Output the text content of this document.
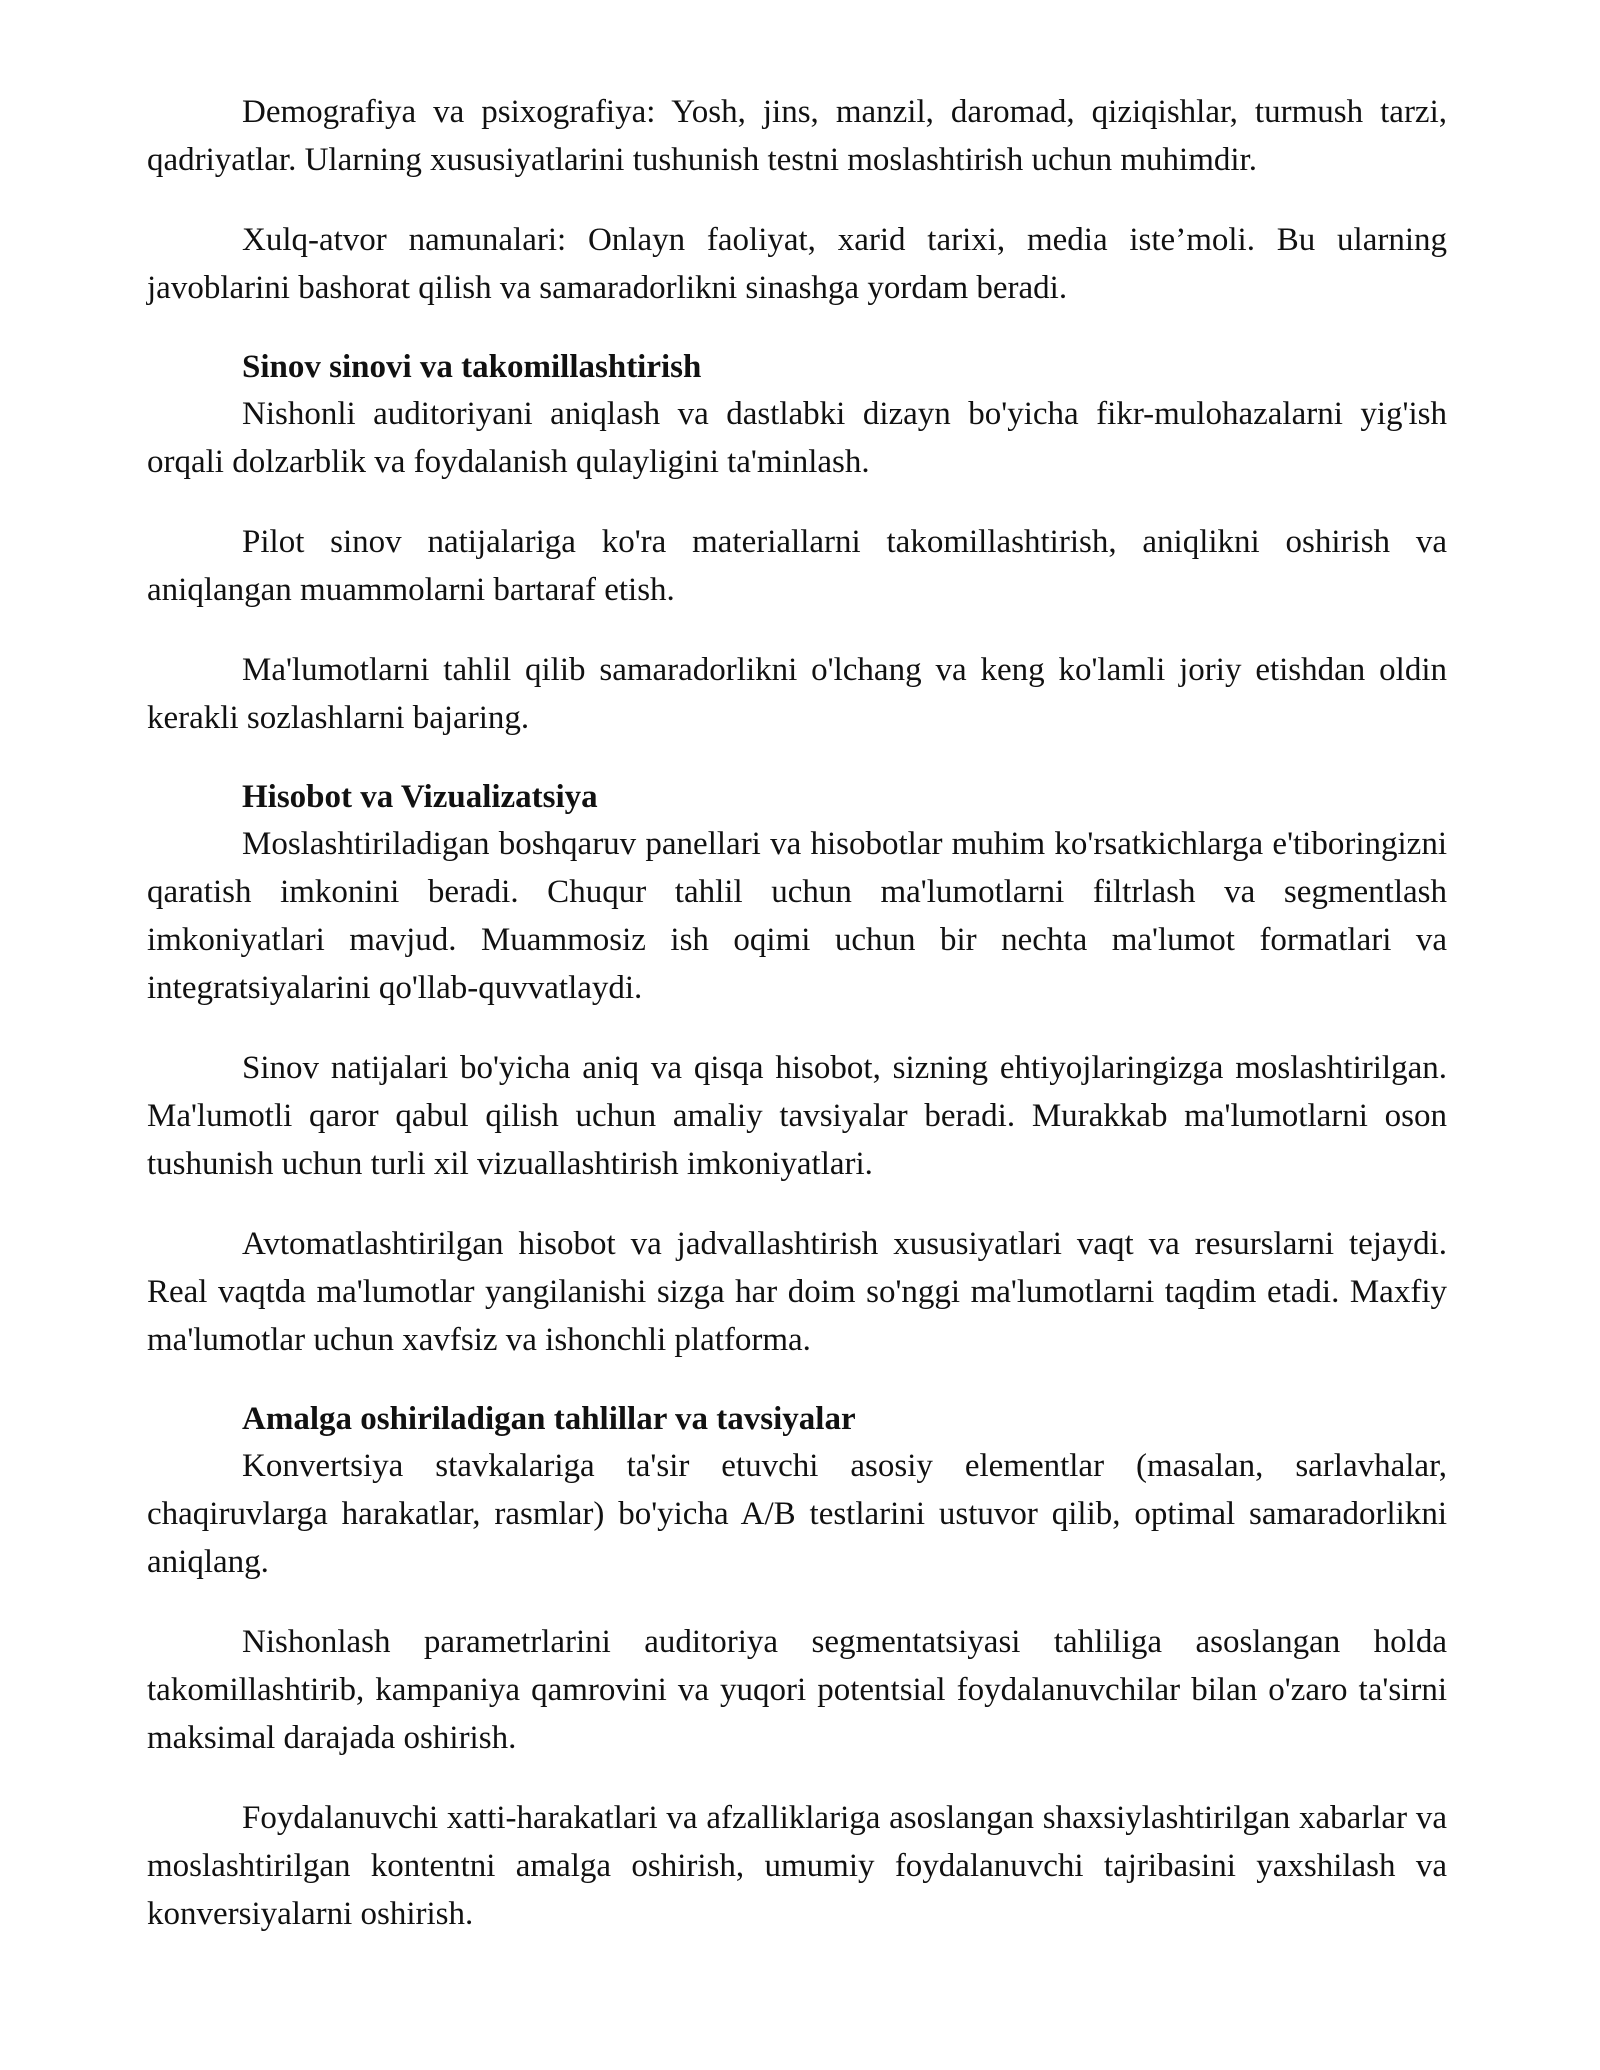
Demografiya va psixografiya: Yosh, jins, manzil, daromad, qiziqishlar, turmush tarzi, qadriyatlar. Ularning xususiyatlarini tushunish testni moslashtirish uchun muhimdir.

Xulq-atvor namunalari: Onlayn faoliyat, xarid tarixi, media iste’moli. Bu ularning javoblarini bashorat qilish va samaradorlikni sinashga yordam beradi.

Sinov sinovi va takomillashtirish

Nishonli auditoriyani aniqlash va dastlabki dizayn bo'yicha fikr-mulohazalarni yig'ish orqali dolzarblik va foydalanish qulayligini ta'minlash.

Pilot sinov natijalariga ko'ra materiallarni takomillashtirish, aniqlikni oshirish va aniqlangan muammolarni bartaraf etish.

Ma'lumotlarni tahlil qilib samaradorlikni o'lchang va keng ko'lamli joriy etishdan oldin kerakli sozlashlarni bajaring.

Hisobot va Vizualizatsiya

Moslashtiriladigan boshqaruv panellari va hisobotlar muhim ko'rsatkichlarga e'tiboringizni qaratish imkonini beradi. Chuqur tahlil uchun ma'lumotlarni filtrlash va segmentlash imkoniyatlari mavjud. Muammosiz ish oqimi uchun bir nechta ma'lumot formatlari va integratsiyalarini qo'llab-quvvatlaydi.

Sinov natijalari bo'yicha aniq va qisqa hisobot, sizning ehtiyojlaringizga moslashtirilgan. Ma'lumotli qaror qabul qilish uchun amaliy tavsiyalar beradi. Murakkab ma'lumotlarni oson tushunish uchun turli xil vizuallashtirish imkoniyatlari.

Avtomatlashtirilgan hisobot va jadvallashtirish xususiyatlari vaqt va resurslarni tejaydi. Real vaqtda ma'lumotlar yangilanishi sizga har doim so'nggi ma'lumotlarni taqdim etadi. Maxfiy ma'lumotlar uchun xavfsiz va ishonchli platforma.

Amalga oshiriladigan tahlillar va tavsiyalar

Konvertsiya stavkalariga ta'sir etuvchi asosiy elementlar (masalan, sarlavhalar, chaqiruvlarga harakatlar, rasmlar) bo'yicha A/B testlarini ustuvor qilib, optimal samaradorlikni aniqlang.

Nishonlash parametrlarini auditoriya segmentatsiyasi tahliliga asoslangan holda takomillashtirib, kampaniya qamrovini va yuqori potentsial foydalanuvchilar bilan o'zaro ta'sirni maksimal darajada oshirish.

Foydalanuvchi xatti-harakatlari va afzalliklariga asoslangan shaxsiylashtirilgan xabarlar va moslashtirilgan kontentni amalga oshirish, umumiy foydalanuvchi tajribasini yaxshilash va konversiyalarni oshirish.
